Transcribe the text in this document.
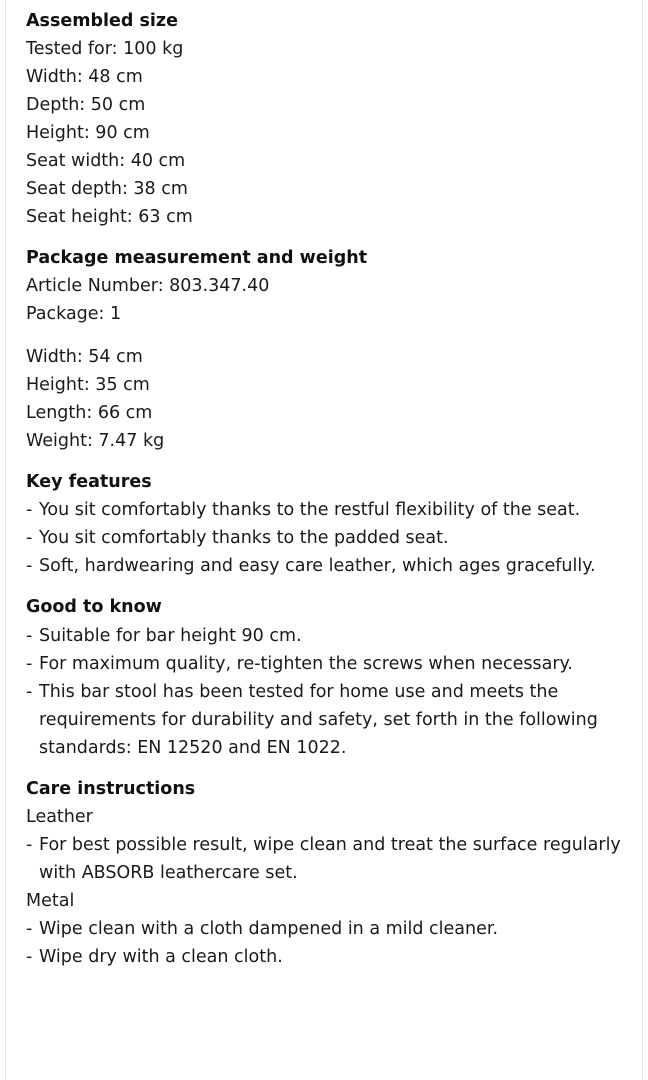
Assembled size

Tested for: 100 kg

Width: 48 cm

Depth: 50 cm

Height: 90 cm

Seat width: 40 cm

Seat depth: 38 cm

Seat height: 63 cm

Package measurement and weight

Article Number: 803.347.40

Package: 1

Width: 54 cm

Height: 35 cm

Length: 66 cm

Weight: 7.47 kg

Key features
- You sit comfortably thanks to the restful flexibility of the seat.
- You sit comfortably thanks to the padded seat.
- Soft, hardwearing and easy care leather, which ages gracefully.
Good to know
- Suitable for bar height 90 cm.
- For maximum quality, re-tighten the screws when necessary.
- This bar stool has been tested for home use and meets the requirements for durability and safety, set forth in the following standards: EN 12520 and EN 1022.
Care instructions

Leather

- For best possible result, wipe clean and treat the surface regularly with ABSORB leathercare set.

Metal

- Wipe clean with a cloth dampened in a mild cleaner.
- Wipe dry with a clean cloth.
